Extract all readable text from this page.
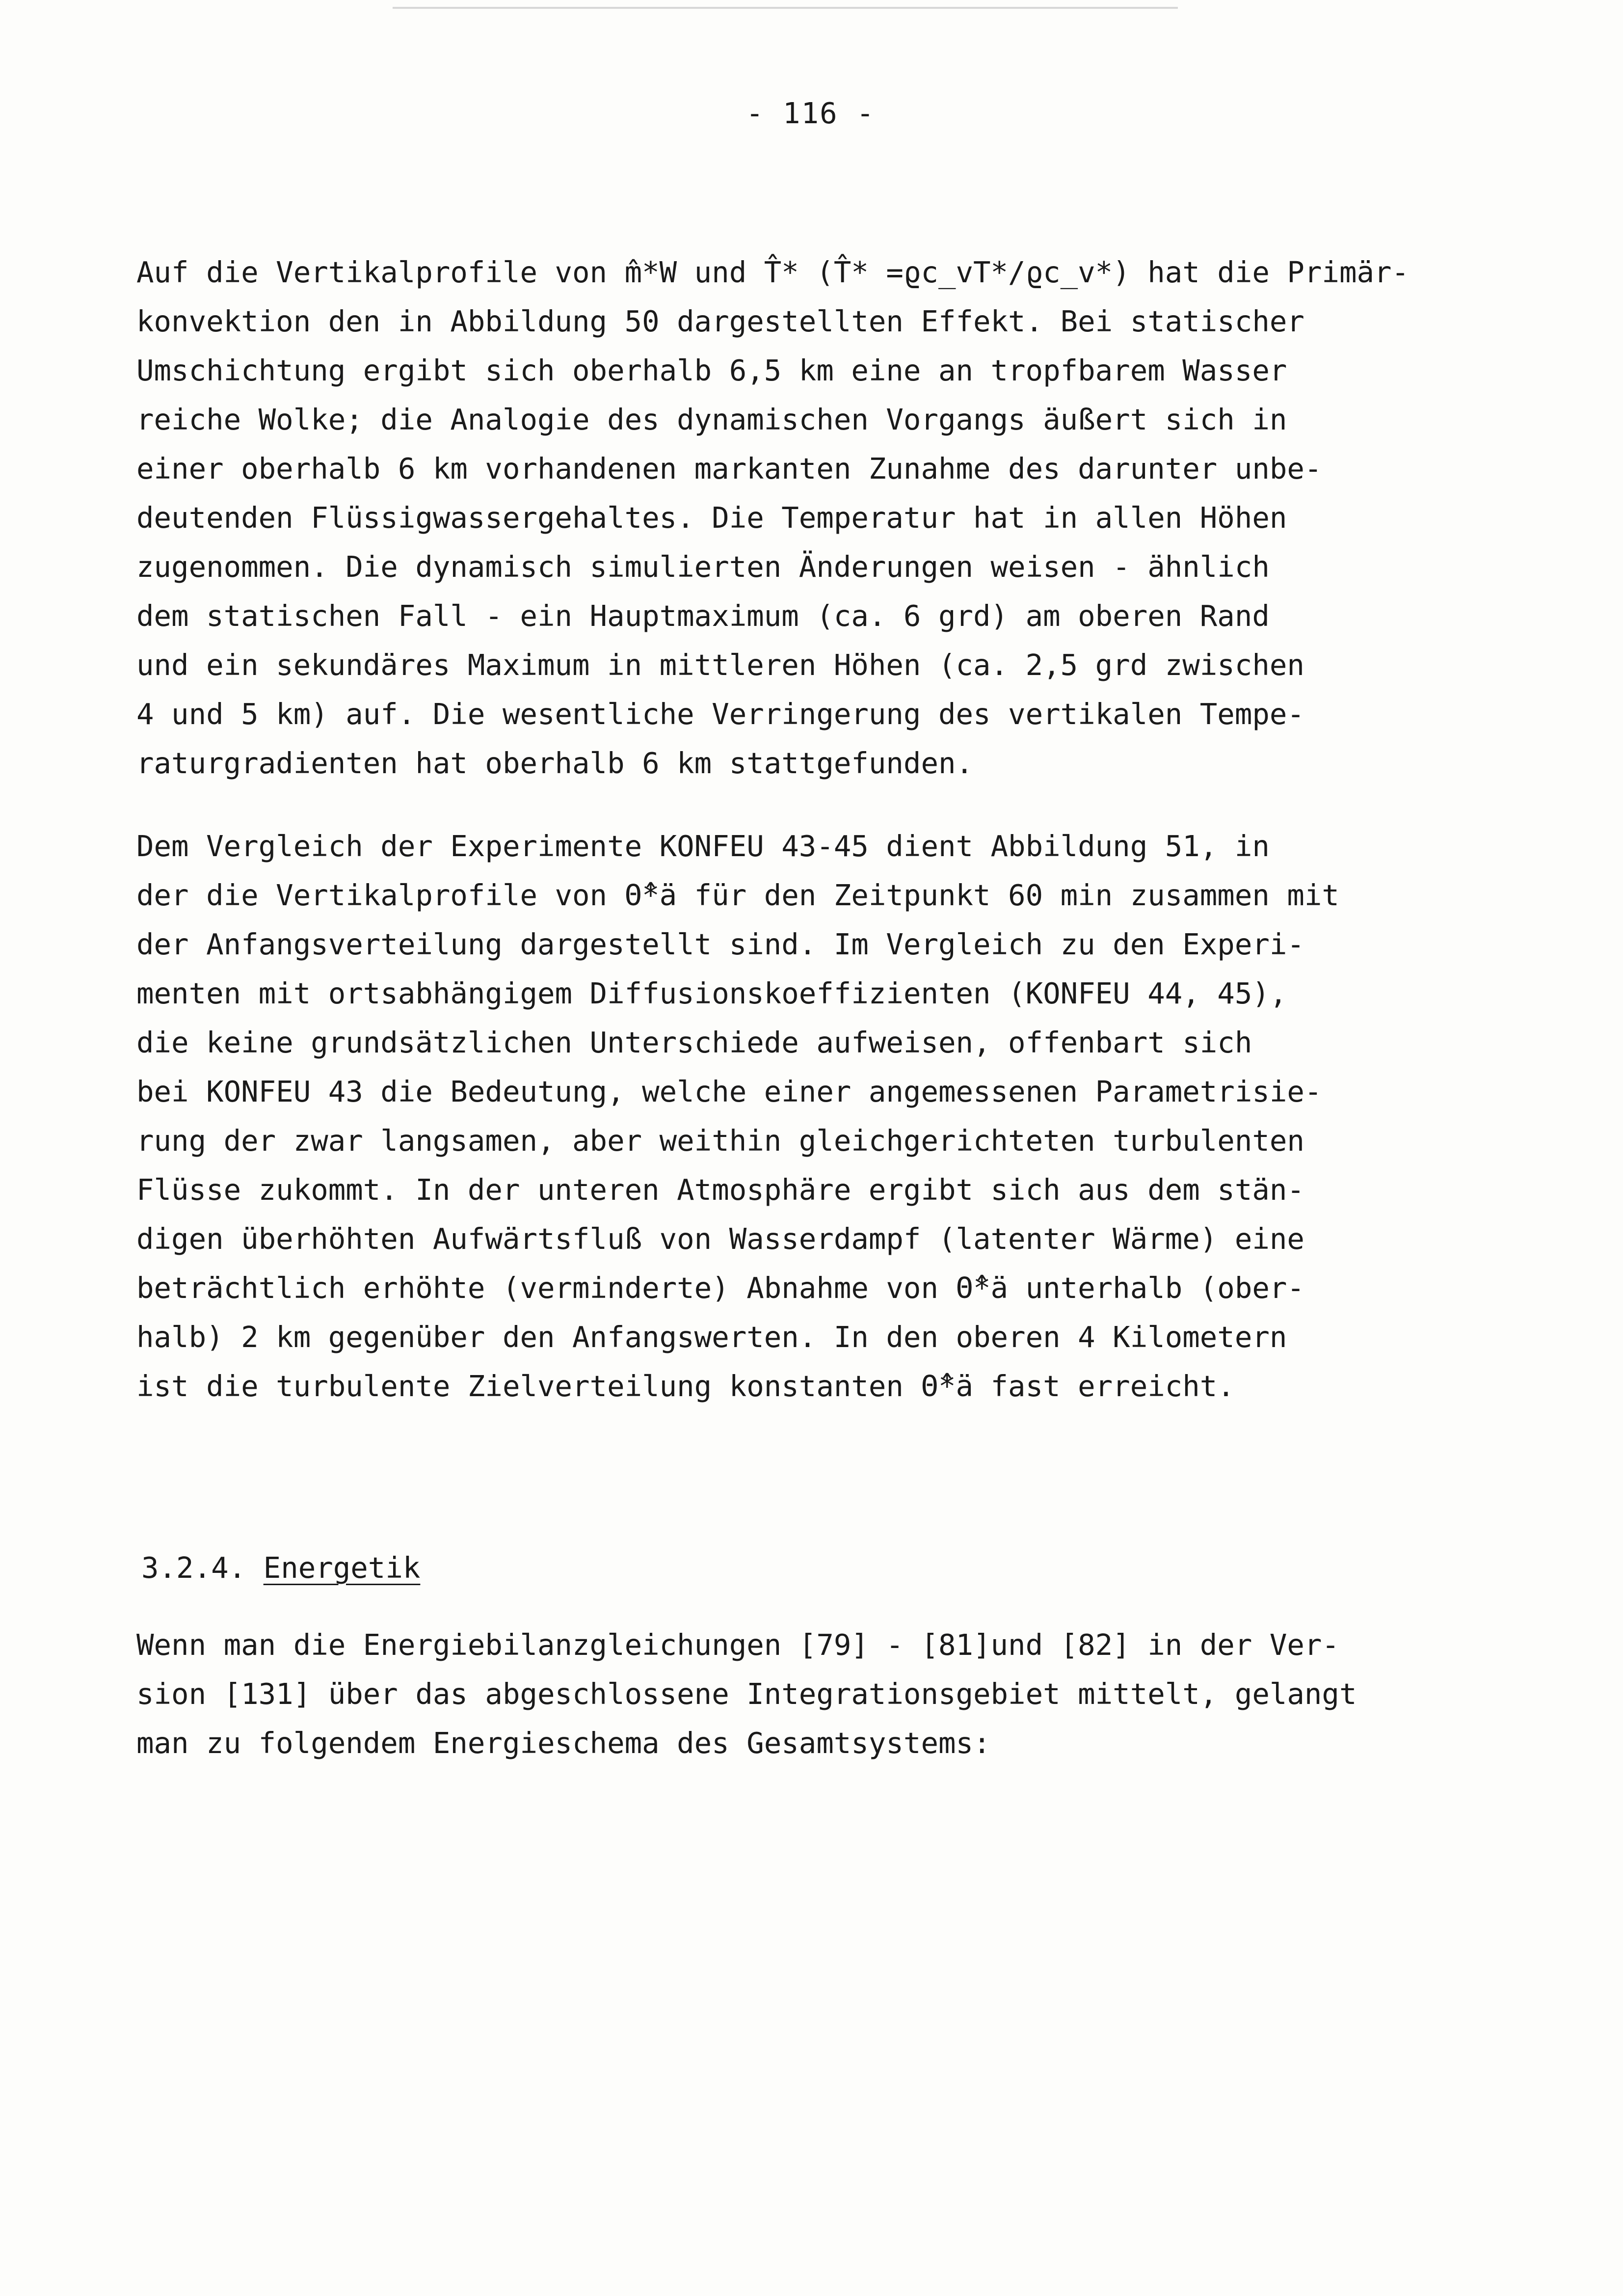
- 116 -
Auf die Vertikalprofile von m̂*W und T̂* (T̂* =ϱc_vT*/ϱc_v*) hat die Primär-
konvektion den in Abbildung 50 dargestellten Effekt. Bei statischer
Umschichtung ergibt sich oberhalb 6,5 km eine an tropfbarem Wasser
reiche Wolke; die Analogie des dynamischen Vorgangs äußert sich in
einer oberhalb 6 km vorhandenen markanten Zunahme des darunter unbe-
deutenden Flüssigwassergehaltes. Die Temperatur hat in allen Höhen
zugenommen. Die dynamisch simulierten Änderungen weisen - ähnlich
dem statischen Fall - ein Hauptmaximum (ca. 6 grd) am oberen Rand
und ein sekundäres Maximum in mittleren Höhen (ca. 2,5 grd zwischen
4 und 5 km) auf. Die wesentliche Verringerung des vertikalen Tempe-
raturgradienten hat oberhalb 6 km stattgefunden.
Dem Vergleich der Experimente KONFEU 43-45 dient Abbildung 51, in
der die Vertikalprofile von Θ̂*ä für den Zeitpunkt 60 min zusammen mit
der Anfangsverteilung dargestellt sind. Im Vergleich zu den Experi-
menten mit ortsabhängigem Diffusionskoeffizienten (KONFEU 44, 45),
die keine grundsätzlichen Unterschiede aufweisen, offenbart sich
bei KONFEU 43 die Bedeutung, welche einer angemessenen Parametrisie-
rung der zwar langsamen, aber weithin gleichgerichteten turbulenten
Flüsse zukommt. In der unteren Atmosphäre ergibt sich aus dem stän-
digen überhöhten Aufwärtsfluß von Wasserdampf (latenter Wärme) eine
beträchtlich erhöhte (verminderte) Abnahme von Θ̂*ä unterhalb (ober-
halb) 2 km gegenüber den Anfangswerten. In den oberen 4 Kilometern
ist die turbulente Zielverteilung konstanten Θ̂*ä fast erreicht.
3.2.4. Energetik
Wenn man die Energiebilanzgleichungen [79] - [81]und [82] in der Ver-
sion [131] über das abgeschlossene Integrationsgebiet mittelt, gelangt
man zu folgendem Energieschema des Gesamtsystems:
